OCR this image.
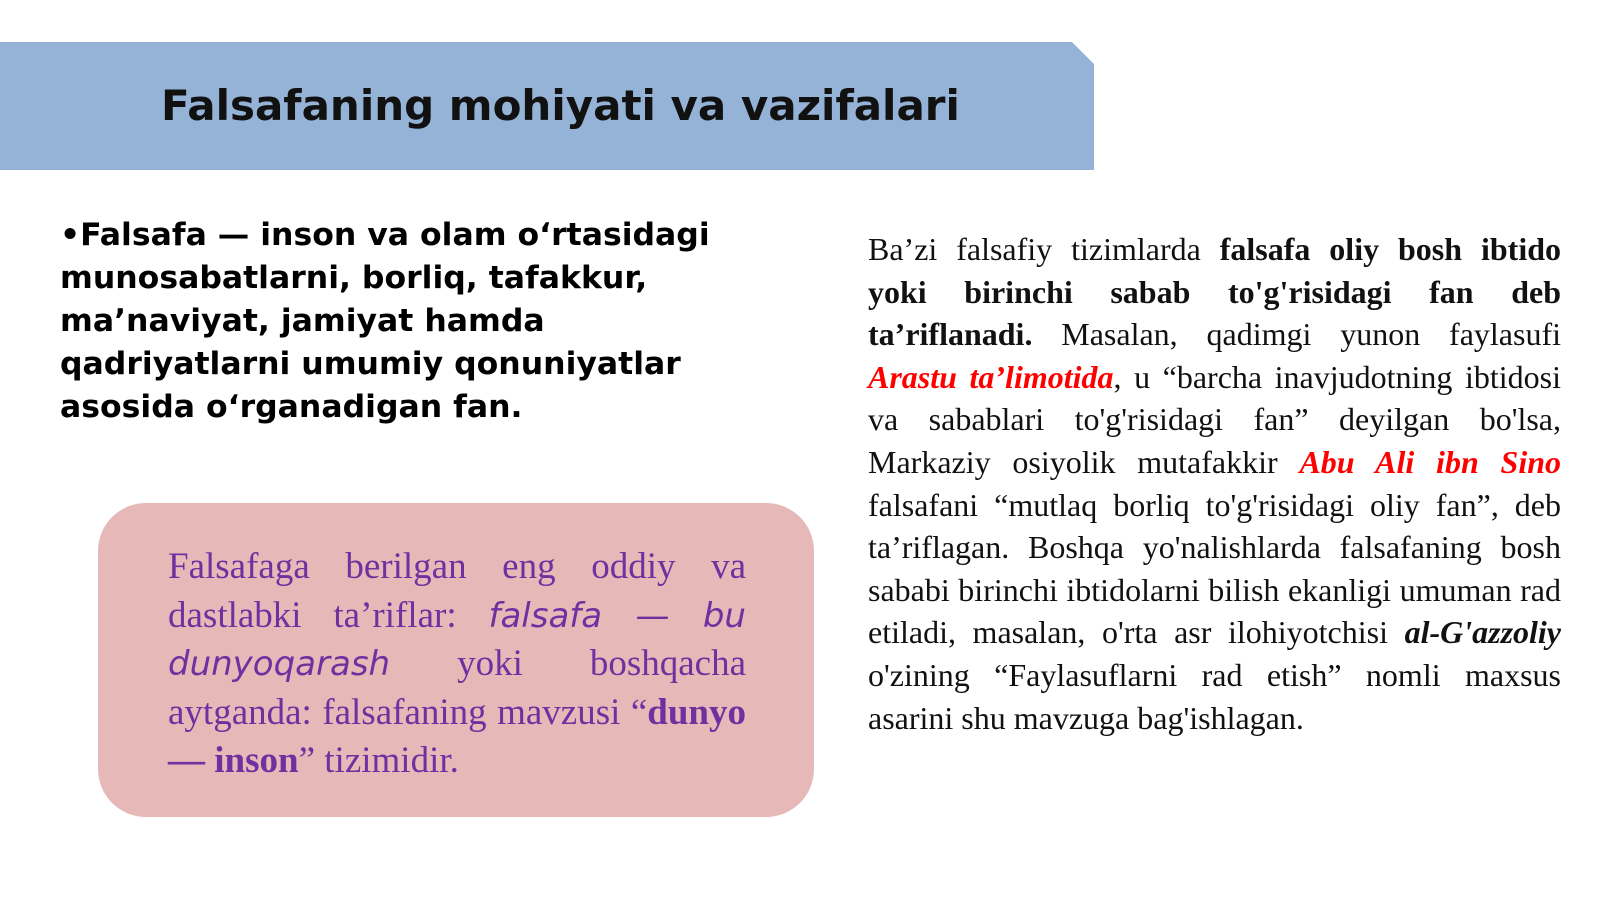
Falsafaning mohiyati va vazifalari

•Falsafa — inson va olam o‘rtasidagi munosabatlarni, borliq, tafakkur, ma’naviyat, jamiyat hamda qadriyatlarni umumiy qonuniyatlar asosida o‘rganadigan fan.

Falsafaga berilgan eng oddiy va dastlabki ta’riflar: falsafa — bu dunyoqarash yoki boshqacha aytganda: falsafaning mavzusi “dunyo — inson” tizimidir.

Ba’zi falsafiy tizimlarda falsafa oliy bosh ibtido yoki birinchi sabab to'g'risidagi fan deb ta’riflanadi. Masalan, qadimgi yunon faylasufi Arastu ta’limotida, u “barcha inavjudotning ibtidosi va sabablari to'g'risidagi fan” deyilgan bo'lsa, Markaziy osiyolik mutafakkir Abu Ali ibn Sino falsafani “mutlaq borliq to'g'risidagi oliy fan”, deb ta’riflagan. Boshqa yo'nalishlarda falsafaning bosh sababi birinchi ibtidolarni bilish ekanligi umuman rad etiladi, masalan, o'rta asr ilohiyotchisi al-G'azzoliy o'zining “Faylasuflarni rad etish” nomli maxsus asarini shu mavzuga bag'ishlagan.
